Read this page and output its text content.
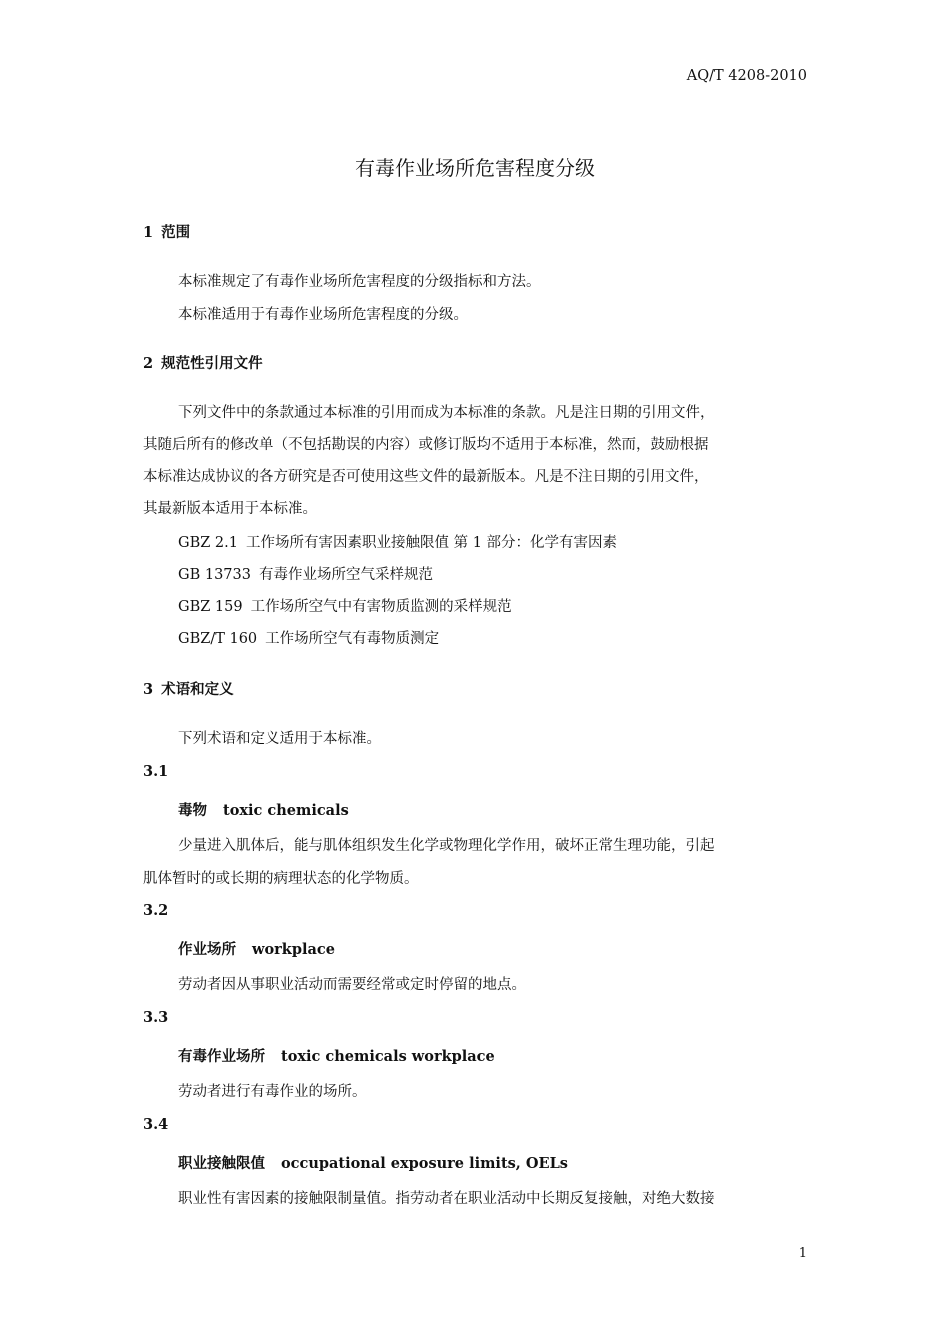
AQ/T 4208-2010
有毒作业场所危害程度分级
1 范围
本标准规定了有毒作业场所危害程度的分级指标和方法。
本标准适用于有毒作业场所危害程度的分级。
2 规范性引用文件
下列文件中的条款通过本标准的引用而成为本标准的条款。凡是注日期的引用文件，
其随后所有的修改单（不包括勘误的内容）或修订版均不适用于本标准，然而，鼓励根据
本标准达成协议的各方研究是否可使用这些文件的最新版本。凡是不注日期的引用文件，
其最新版本适用于本标准。
GBZ 2.1 工作场所有害因素职业接触限值 第 1 部分：化学有害因素
GB 13733 有毒作业场所空气采样规范
GBZ 159 工作场所空气中有害物质监测的采样规范
GBZ/T 160 工作场所空气有毒物质测定
3 术语和定义
下列术语和定义适用于本标准。
3.1
毒物 toxic chemicals
少量进入肌体后，能与肌体组织发生化学或物理化学作用，破坏正常生理功能，引起
肌体暂时的或长期的病理状态的化学物质。
3.2
作业场所 workplace
劳动者因从事职业活动而需要经常或定时停留的地点。
3.3
有毒作业场所 toxic chemicals workplace
劳动者进行有毒作业的场所。
3.4
职业接触限值 occupational exposure limits, OELs
职业性有害因素的接触限制量值。指劳动者在职业活动中长期反复接触，对绝大数接
1
